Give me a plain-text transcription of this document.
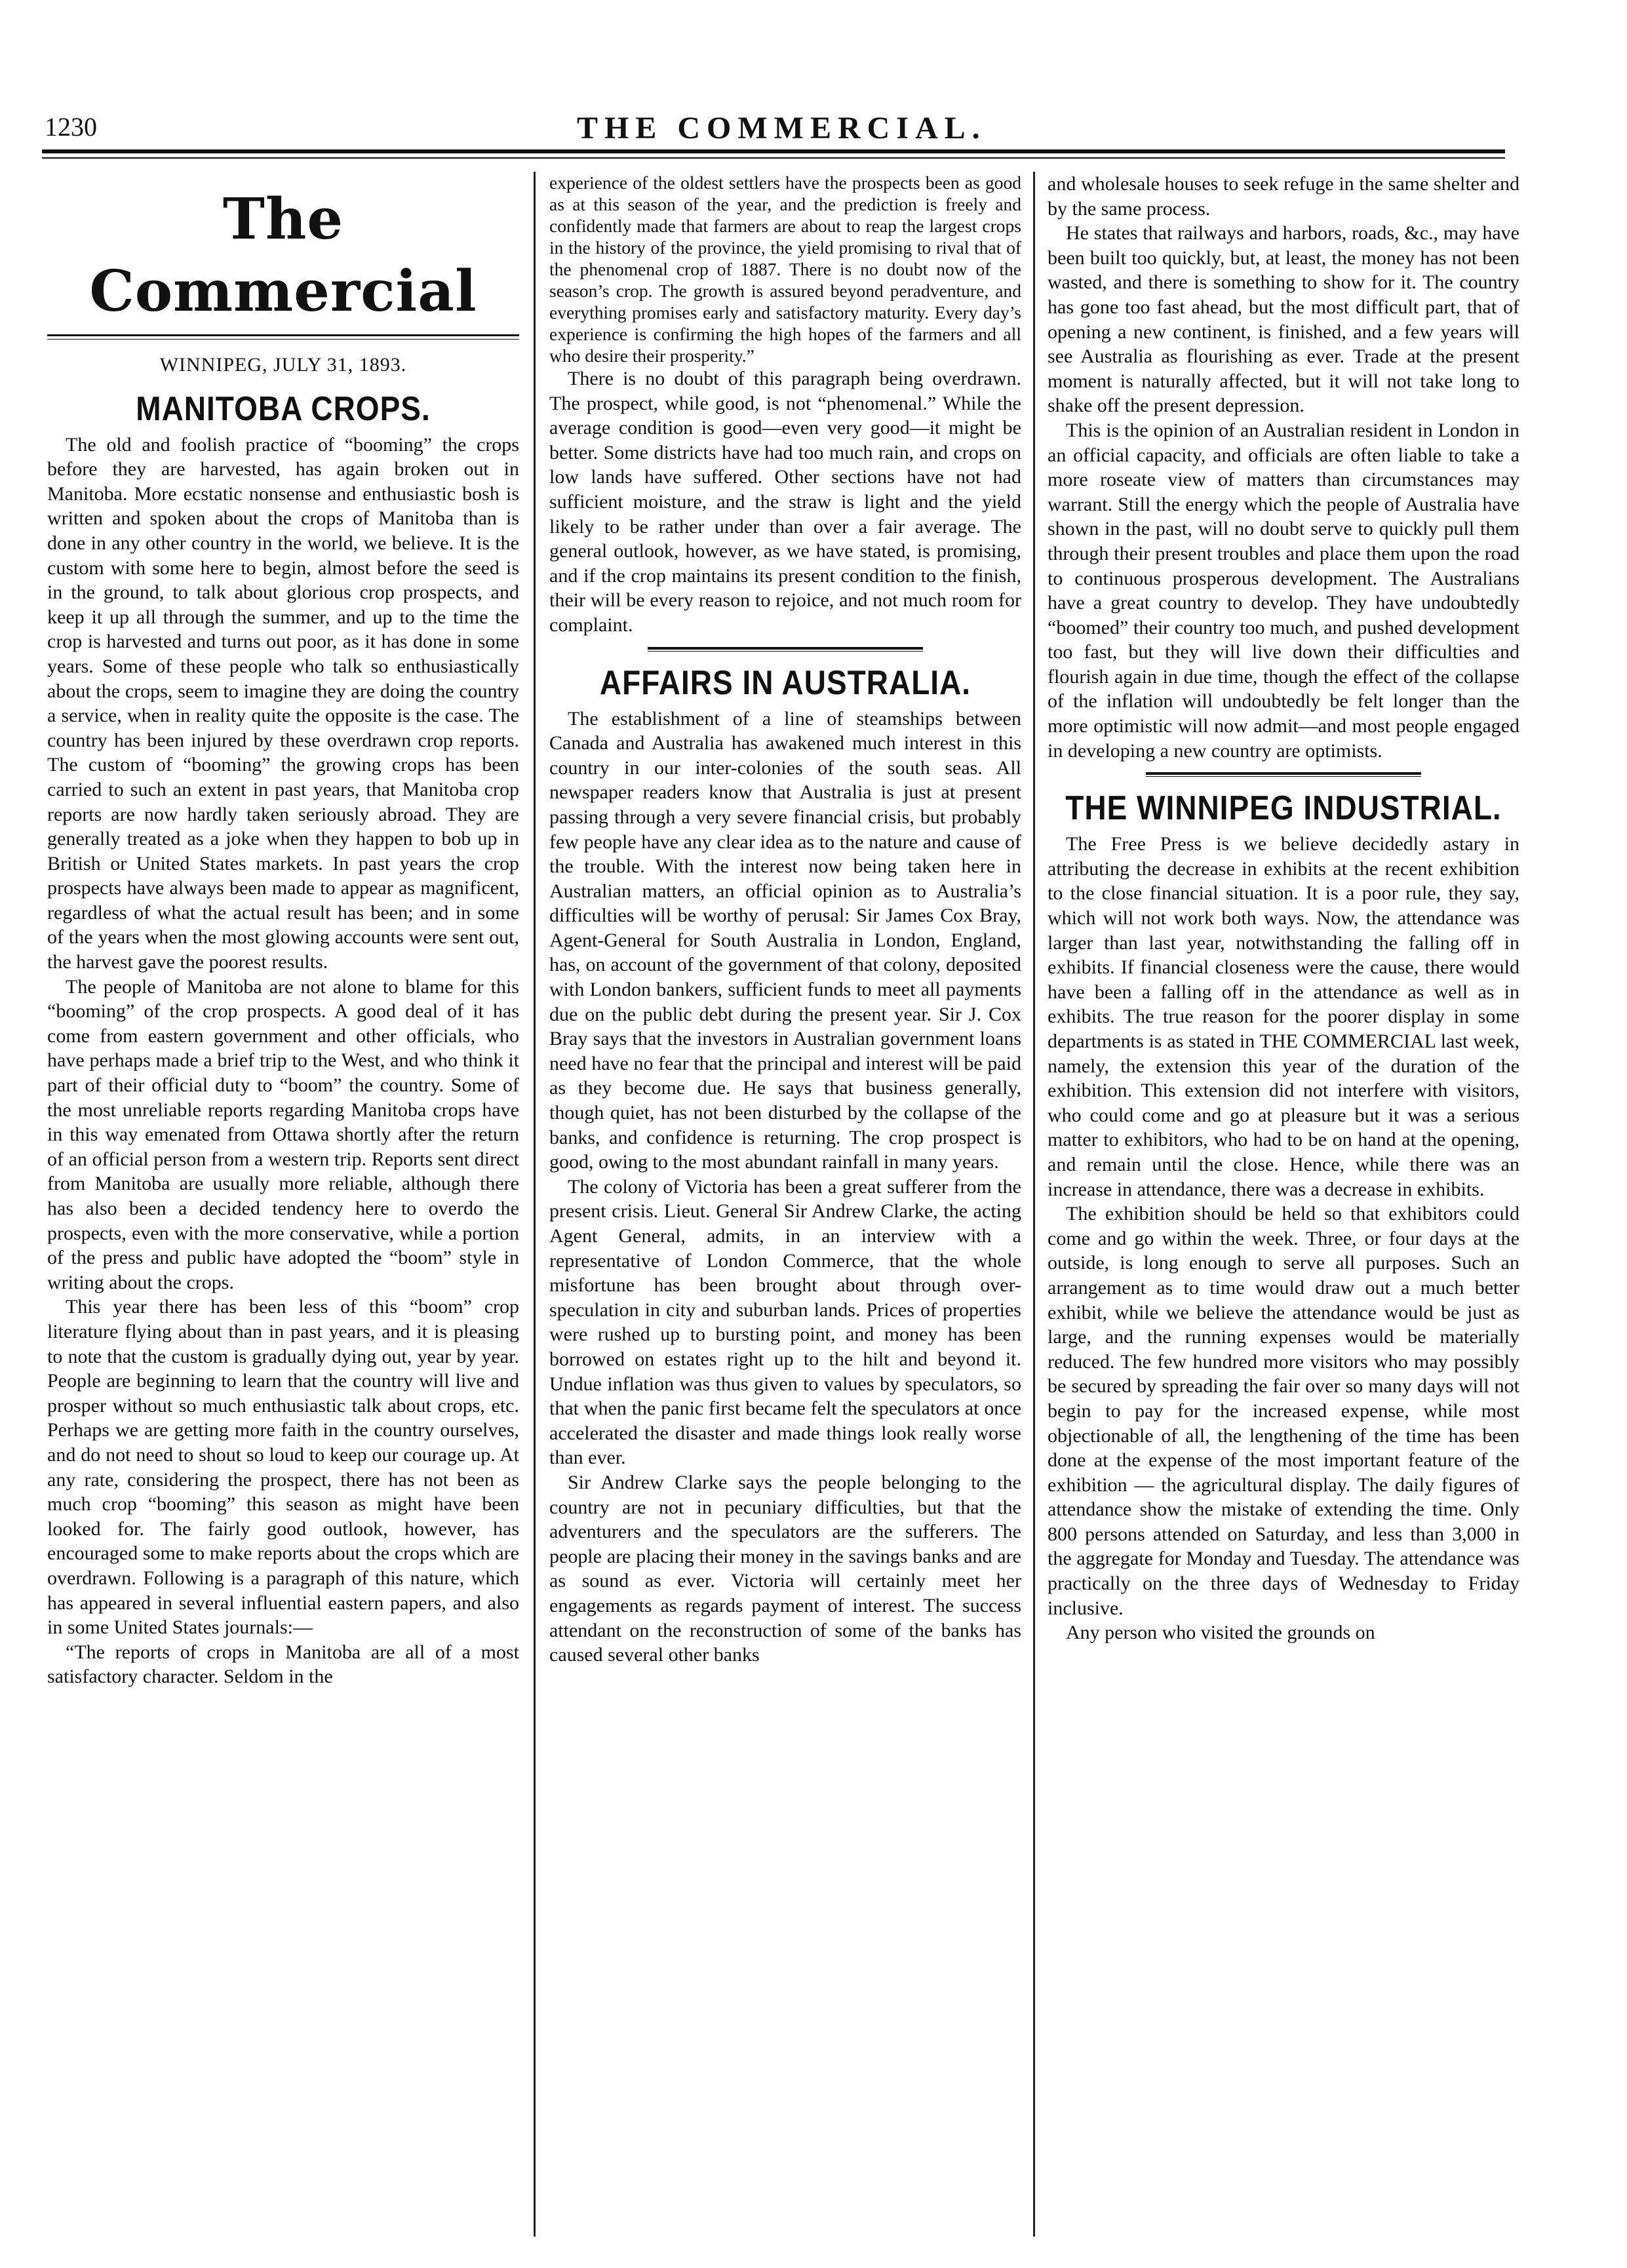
1230	THE COMMERCIAL.
The Commercial
WINNIPEG, JULY 31, 1893.
MANITOBA CROPS.

The old and foolish practice of “booming” the crops before they are harvested, has again broken out in Manitoba. More ecstatic nonsense and enthusiastic bosh is written and spoken about the crops of Manitoba than is done in any other country in the world, we believe. It is the custom with some here to begin, almost before the seed is in the ground, to talk about glorious crop prospects, and keep it up all through the summer, and up to the time the crop is harvested and turns out poor, as it has done in some years. Some of these people who talk so enthusiastically about the crops, seem to imagine they are doing the country a service, when in reality quite the opposite is the case. The country has been injured by these overdrawn crop reports. The custom of “booming” the growing crops has been carried to such an extent in past years, that Manitoba crop reports are now hardly taken seriously abroad. They are generally treated as a joke when they happen to bob up in British or United States markets. In past years the crop prospects have always been made to appear as magnificent, regardless of what the actual result has been; and in some of the years when the most glowing accounts were sent out, the harvest gave the poorest results.

The people of Manitoba are not alone to blame for this “booming” of the crop prospects. A good deal of it has come from eastern government and other officials, who have perhaps made a brief trip to the West, and who think it part of their official duty to “boom” the country. Some of the most unreliable reports regarding Manitoba crops have in this way emenated from Ottawa shortly after the return of an official person from a western trip. Reports sent direct from Manitoba are usually more reliable, although there has also been a decided tendency here to overdo the prospects, even with the more conservative, while a portion of the press and public have adopted the “boom” style in writing about the crops.

This year there has been less of this “boom” crop literature flying about than in past years, and it is pleasing to note that the custom is gradually dying out, year by year. People are beginning to learn that the country will live and prosper without so much enthusiastic talk about crops, etc. Perhaps we are getting more faith in the country ourselves, and do not need to shout so loud to keep our courage up. At any rate, considering the prospect, there has not been as much crop “booming” this season as might have been looked for. The fairly good outlook, however, has encouraged some to make reports about the crops which are overdrawn. Following is a paragraph of this nature, which has appeared in several influential eastern papers, and also in some United States journals:—

“The reports of crops in Manitoba are all of a most satisfactory character. Seldom in the

experience of the oldest settlers have the prospects been as good as at this season of the year, and the prediction is freely and confidently made that farmers are about to reap the largest crops in the history of the province, the yield promising to rival that of the phenomenal crop of 1887. There is no doubt now of the season’s crop. The growth is assured beyond peradventure, and everything promises early and satisfactory maturity. Every day’s experience is confirming the high hopes of the farmers and all who desire their prosperity.”

There is no doubt of this paragraph being overdrawn. The prospect, while good, is not “phenomenal.” While the average condition is good—even very good—it might be better. Some districts have had too much rain, and crops on low lands have suffered. Other sections have not had sufficient moisture, and the straw is light and the yield likely to be rather under than over a fair average. The general outlook, however, as we have stated, is promising, and if the crop maintains its present condition to the finish, their will be every reason to rejoice, and not much room for complaint.

AFFAIRS IN AUSTRALIA.

The establishment of a line of steamships between Canada and Australia has awakened much interest in this country in our inter-colonies of the south seas. All newspaper readers know that Australia is just at present passing through a very severe financial crisis, but probably few people have any clear idea as to the nature and cause of the trouble. With the interest now being taken here in Australian matters, an official opinion as to Australia’s difficulties will be worthy of perusal: Sir James Cox Bray, Agent-General for South Australia in London, England, has, on account of the government of that colony, deposited with London bankers, sufficient funds to meet all payments due on the public debt during the present year. Sir J. Cox Bray says that the investors in Australian government loans need have no fear that the principal and interest will be paid as they become due. He says that business generally, though quiet, has not been disturbed by the collapse of the banks, and confidence is returning. The crop prospect is good, owing to the most abundant rainfall in many years.

The colony of Victoria has been a great sufferer from the present crisis. Lieut. General Sir Andrew Clarke, the acting Agent General, admits, in an interview with a representative of London Commerce, that the whole misfortune has been brought about through over-speculation in city and suburban lands. Prices of properties were rushed up to bursting point, and money has been borrowed on estates right up to the hilt and beyond it. Undue inflation was thus given to values by speculators, so that when the panic first became felt the speculators at once accelerated the disaster and made things look really worse than ever.

Sir Andrew Clarke says the people belonging to the country are not in pecuniary difficulties, but that the adventurers and the speculators are the sufferers. The people are placing their money in the savings banks and are as sound as ever. Victoria will certainly meet her engagements as regards payment of interest. The success attendant on the reconstruction of some of the banks has caused several other banks

and wholesale houses to seek refuge in the same shelter and by the same process.

He states that railways and harbors, roads, &c., may have been built too quickly, but, at least, the money has not been wasted, and there is something to show for it. The country has gone too fast ahead, but the most difficult part, that of opening a new continent, is finished, and a few years will see Australia as flourishing as ever. Trade at the present moment is naturally affected, but it will not take long to shake off the present depression.

This is the opinion of an Australian resident in London in an official capacity, and officials are often liable to take a more roseate view of matters than circumstances may warrant. Still the energy which the people of Australia have shown in the past, will no doubt serve to quickly pull them through their present troubles and place them upon the road to continuous prosperous development. The Australians have a great country to develop. They have undoubtedly “boomed” their country too much, and pushed development too fast, but they will live down their difficulties and flourish again in due time, though the effect of the collapse of the inflation will undoubtedly be felt longer than the more optimistic will now admit—and most people engaged in developing a new country are optimists.

THE WINNIPEG INDUSTRIAL.

The Free Press is we believe decidedly astary in attributing the decrease in exhibits at the recent exhibition to the close financial situation. It is a poor rule, they say, which will not work both ways. Now, the attendance was larger than last year, notwithstanding the falling off in exhibits. If financial closeness were the cause, there would have been a falling off in the attendance as well as in exhibits. The true reason for the poorer display in some departments is as stated in THE COMMERCIAL last week, namely, the extension this year of the duration of the exhibition. This extension did not interfere with visitors, who could come and go at pleasure but it was a serious matter to exhibitors, who had to be on hand at the opening, and remain until the close. Hence, while there was an increase in attendance, there was a decrease in exhibits.

The exhibition should be held so that exhibitors could come and go within the week. Three, or four days at the outside, is long enough to serve all purposes. Such an arrangement as to time would draw out a much better exhibit, while we believe the attendance would be just as large, and the running expenses would be materially reduced. The few hundred more visitors who may possibly be secured by spreading the fair over so many days will not begin to pay for the increased expense, while most objectionable of all, the lengthening of the time has been done at the expense of the most important feature of the exhibition — the agricultural display. The daily figures of attendance show the mistake of extending the time. Only 800 persons attended on Saturday, and less than 3,000 in the aggregate for Monday and Tuesday. The attendance was practically on the three days of Wednesday to Friday inclusive.

Any person who visited the grounds on
